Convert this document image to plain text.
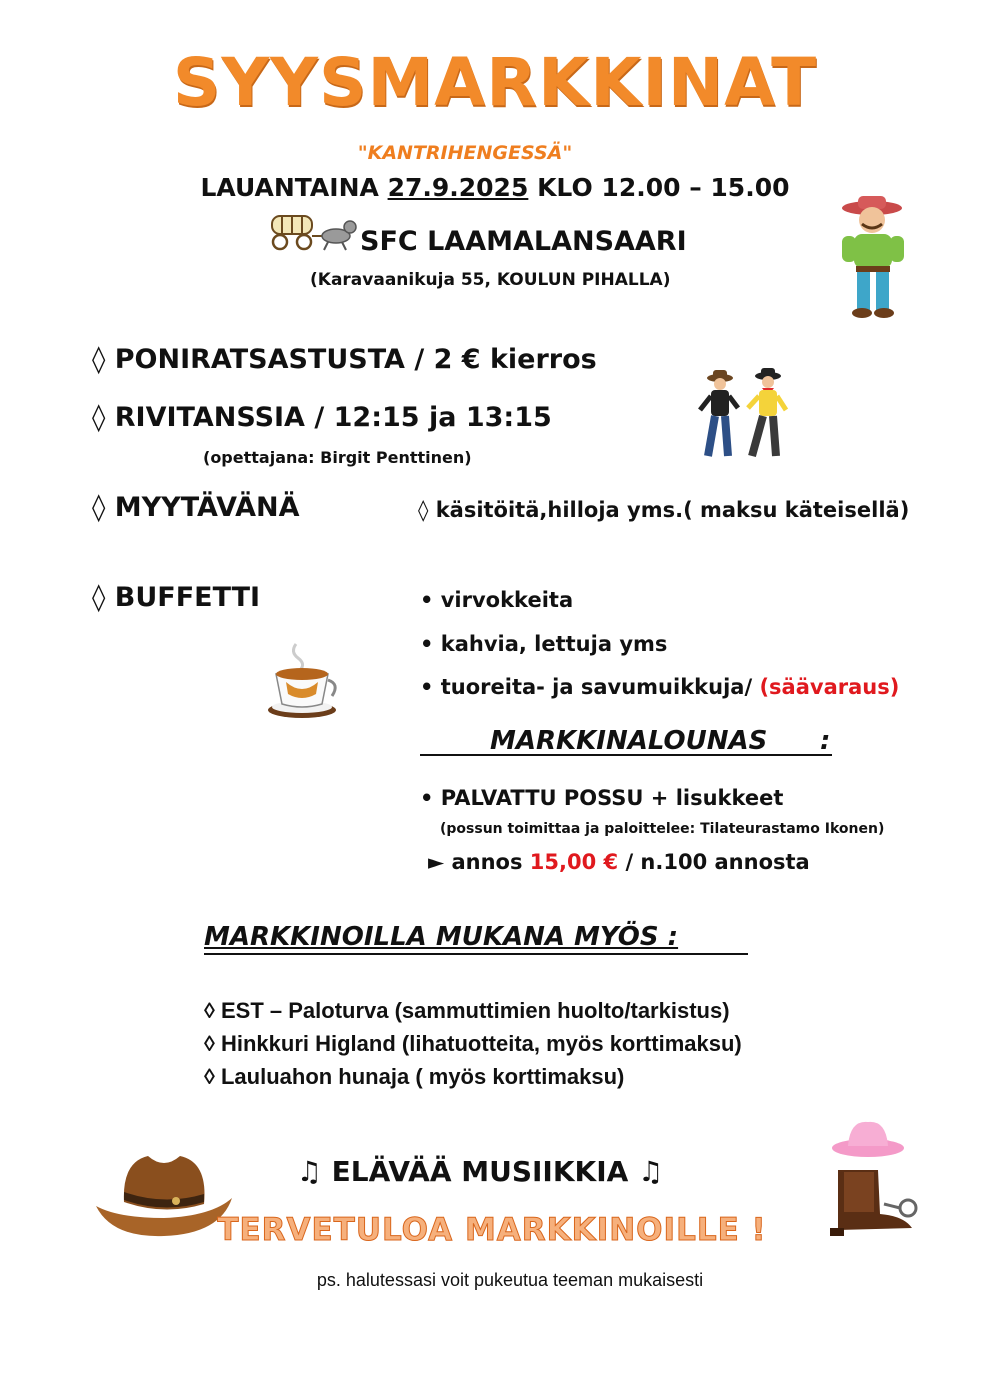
SYYSMARKKINAT
"KANTRIHENGESSÄ"
LAUANTAINA 27.9.2025 KLO 12.00 – 15.00
SFC LAAMALANSAARI
(Karavaanikuja 55, KOULUN PIHALLA)
◊ PONIRATSASTUSTA / 2 € kierros
◊ RIVITANSSIA / 12:15 ja 13:15
(opettajana: Birgit Penttinen)
◊ MYYTÄVÄNÄ	◊ käsitöitä,hilloja yms.( maksu käteisellä)
◊ BUFFETTI	• virvokkeita
• kahvia, lettuja yms
• tuoreita- ja savumuikkuja/ (säävaraus)
MARKKINALOUNAS :
• PALVATTU POSSU + lisukkeet
(possun toimittaa ja paloittelee: Tilateurastamo Ikonen)
► annos 15,00 € / n.100 annosta
MARKKINOILLA MUKANA MYÖS :
◊ EST – Paloturva (sammuttimien huolto/tarkistus)
◊ Hinkkuri Higland (lihatuotteita, myös korttimaksu)
◊ Lauluahon hunaja ( myös korttimaksu)
♫ ELÄVÄÄ MUSIIKKIA ♫
TERVETULOA MARKKINOILLE !
ps. halutessasi voit pukeutua teeman mukaisesti
